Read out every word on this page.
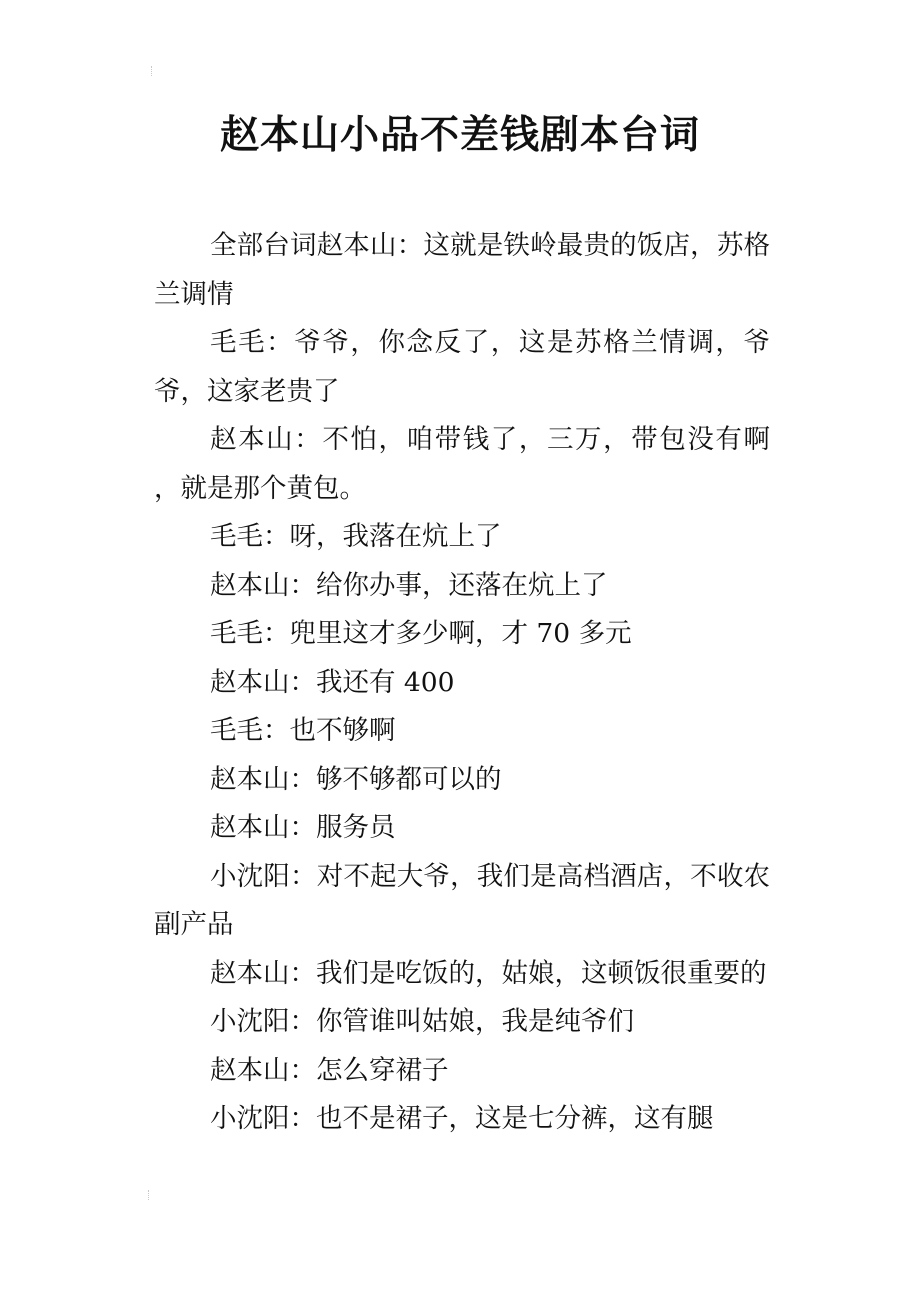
赵本山小品不差钱剧本台词

全部台词赵本山：这就是铁岭最贵的饭店，苏格兰调情

毛毛：爷爷，你念反了，这是苏格兰情调，爷爷，这家老贵了

赵本山：不怕，咱带钱了，三万，带包没有啊 ，就是那个黄包。

毛毛：呀，我落在炕上了

赵本山：给你办事，还落在炕上了

毛毛：兜里这才多少啊，才 70 多元

赵本山：我还有 400

毛毛：也不够啊

赵本山：够不够都可以的

赵本山：服务员

小沈阳：对不起大爷，我们是高档酒店，不收农副产品

赵本山：我们是吃饭的，姑娘，这顿饭很重要的

小沈阳：你管谁叫姑娘，我是纯爷们

赵本山：怎么穿裙子

小沈阳：也不是裙子，这是七分裤，这有腿
